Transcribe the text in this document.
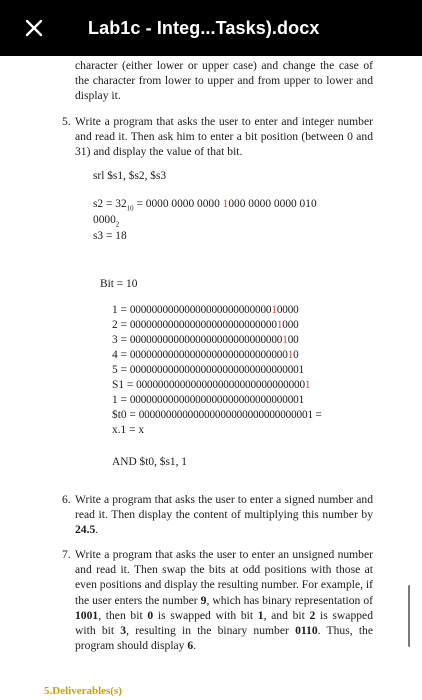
Lab1c - Integ...Tasks).docx

character (either lower or upper case) and change the case of the character from lower to upper and from upper to lower and display it.

5. Write a program that asks the user to enter and integer number and read it. Then ask him to enter a bit position (between 0 and 31) and display the value of that bit.

srl $s1, $s2, $s3
$s2 = 32_{10} = 0000$ 0000 0000 1000 0000 0000 010
$0000_2$
s3 = 18
Bit = 10
1 = 0000000000000000000000000010000
2 = 0000000000000000000000000001000
3 = 0000000000000000000000000000100
4 = 0000000000000000000000000000010
5 = 00000000000000000000000000000001
S1 = 00000000000000000000000000000001
1 = 00000000000000000000000000000001
$t0 = 00000000000000000000000000000001 =
x.1 = x
AND $t0, $s1, 1
6. Write a program that asks the user to enter a signed number and read it. Then display the content of multiplying this number by 24.5.

7. Write a program that asks the user to enter an unsigned number and read it. Then swap the bits at odd positions with those at even positions and display the resulting number. For example, if the user enters the number 9, which has binary representation of 1001, then bit 0 is swapped with bit 1, and bit 2 is swapped with bit 3, resulting in the binary number 0110. Thus, the program should display 6.

5.Deliverables(s)
